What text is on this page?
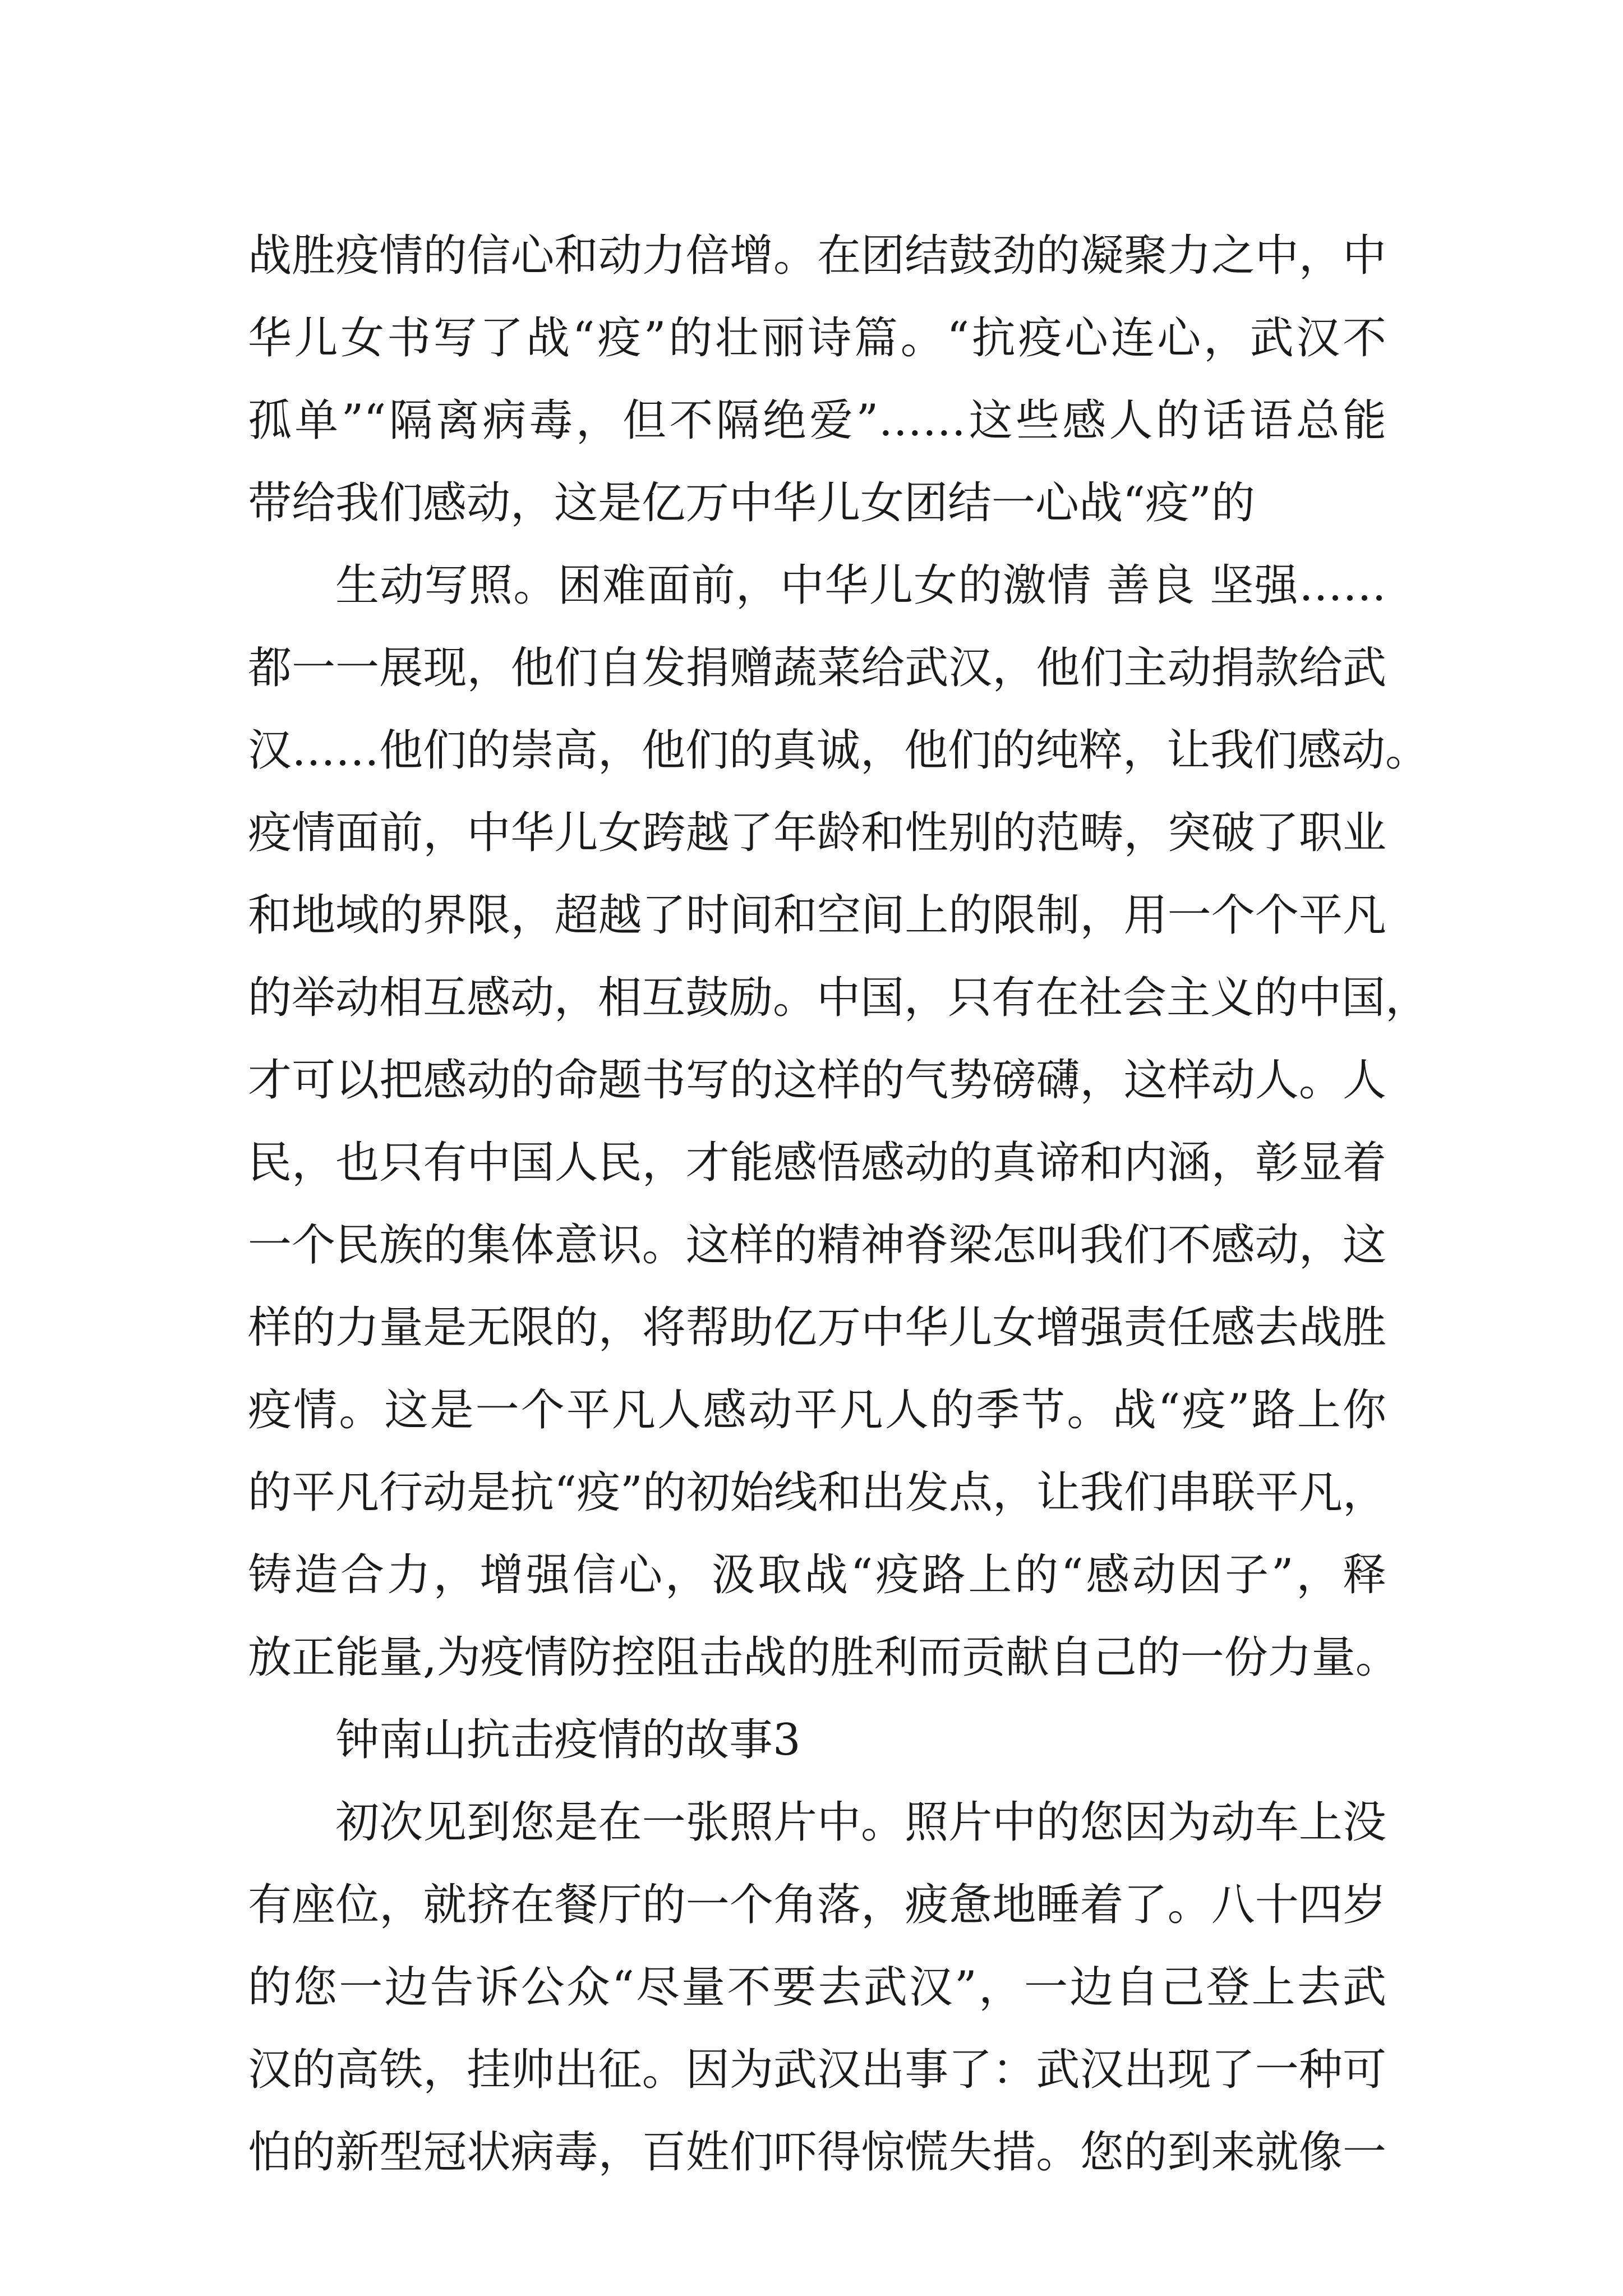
战胜疫情的信心和动力倍增。在团结鼓劲的凝聚力之中，中
华儿女书写了战“疫”的壮丽诗篇。“抗疫心连心，武汉不
孤单”“隔离病毒，但不隔绝爱”……这些感人的话语总能
带给我们感动，这是亿万中华儿女团结一心战“疫”的
生动写照。困难面前，中华儿女的激情 善良 坚强……
都一一展现，他们自发捐赠蔬菜给武汉，他们主动捐款给武
汉……他们的崇高，他们的真诚，他们的纯粹，让我们感动。
疫情面前，中华儿女跨越了年龄和性别的范畴，突破了职业
和地域的界限，超越了时间和空间上的限制，用一个个平凡
的举动相互感动，相互鼓励。中国，只有在社会主义的中国，
才可以把感动的命题书写的这样的气势磅礴，这样动人。人
民，也只有中国人民，才能感悟感动的真谛和内涵，彰显着
一个民族的集体意识。这样的精神脊梁怎叫我们不感动，这
样的力量是无限的，将帮助亿万中华儿女增强责任感去战胜
疫情。这是一个平凡人感动平凡人的季节。战“疫”路上你
的平凡行动是抗“疫”的初始线和出发点，让我们串联平凡，
铸造合力，增强信心，汲取战“疫路上的“感动因子”，释
放正能量,为疫情防控阻击战的胜利而贡献自己的一份力量。
钟南山抗击疫情的故事3
初次见到您是在一张照片中。照片中的您因为动车上没
有座位，就挤在餐厅的一个角落，疲惫地睡着了。八十四岁
的您一边告诉公众“尽量不要去武汉”，一边自己登上去武
汉的高铁，挂帅出征。因为武汉出事了：武汉出现了一种可
怕的新型冠状病毒，百姓们吓得惊慌失措。您的到来就像一
